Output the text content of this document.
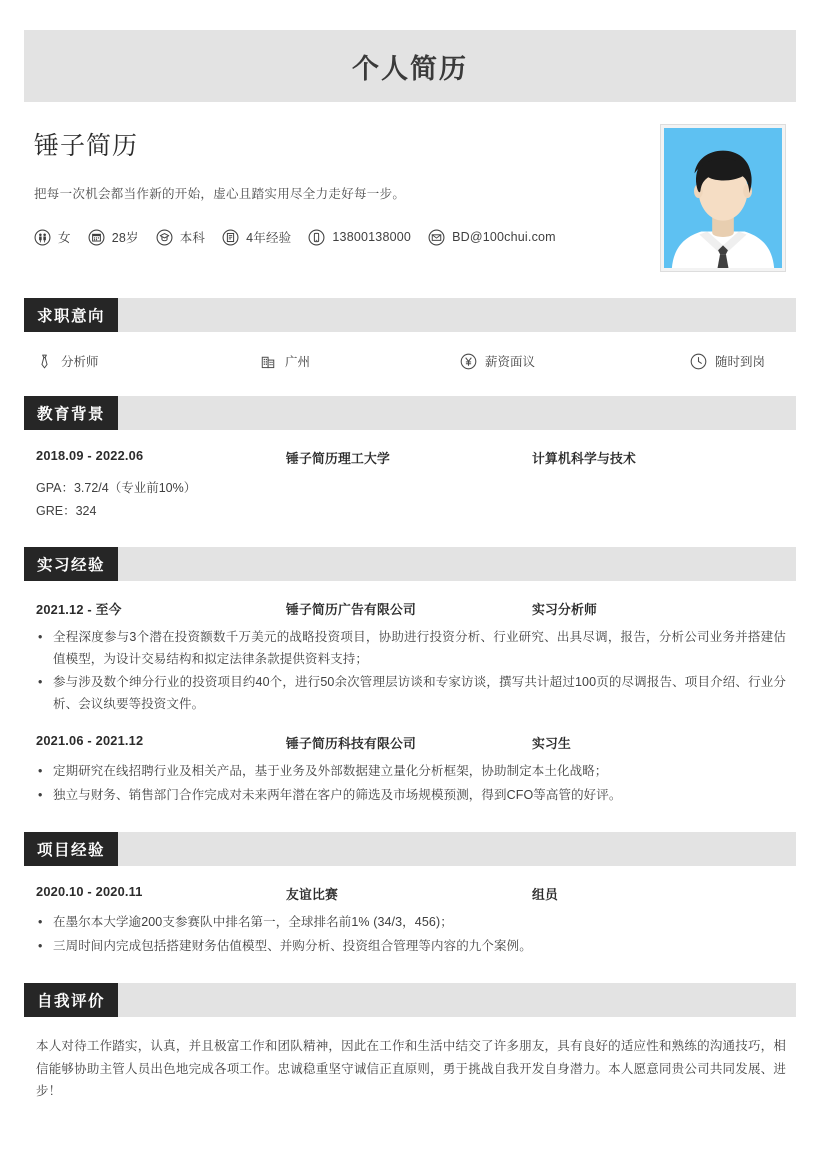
个人简历
锤子简历
把每一次机会都当作新的开始，虚心且踏实用尽全力走好每一步。
女	28岁	本科	4年经验	13800138000	BD@100chui.com
求职意向
分析师	广州	薪资面议	随时到岗
教育背景
2018.09 - 2022.06	锤子简历理工大学	计算机科学与技术
GPA：3.72/4（专业前10%）
GRE：324
实习经验
2021.12 - 至今	锤子简历广告有限公司	实习分析师
• 全程深度参与3个潜在投资额数千万美元的战略投资项目，协助进行投资分析、行业研究、出具尽调，报告，分析公司业务并搭建估值模型，为设计交易结构和拟定法律条款提供资料支持；
• 参与涉及数个绅分行业的投资项目约40个，进行50余次管理层访谈和专家访谈，撰写共计超过100页的尽调报告、项目介绍、行业分析、会议纨要等投资文件。
2021.06 - 2021.12	锤子简历科技有限公司	实习生
• 定期研究在线招聘行业及相关产品，基于业务及外部数据建立量化分析框架，协助制定本土化战略；
• 独立与财务、销售部门合作完成对未来两年潜在客户的筛选及市场规模预测，得到CFO等高管的好评。
项目经验
2020.10 - 2020.11	友谊比赛	组员
• 在墨尔本大学逾200支参赛队中排名第一，全球排名前1% (34/3，456)；
• 三周时间内完成包括搭建财务估值模型、并购分析、投资组合管理等内容的九个案例。
自我评价
本人对待工作踏实，认真，并且极富工作和团队精神，因此在工作和生活中结交了许多朋友，具有良好的适应性和熟练的沟通技巧，相信能够协助主管人员出色地完成各项工作。忠诚稳重坚守诚信正直原则，勇于挑战自我开发自身潜力。本人愿意同贵公司共同发展、进步！
